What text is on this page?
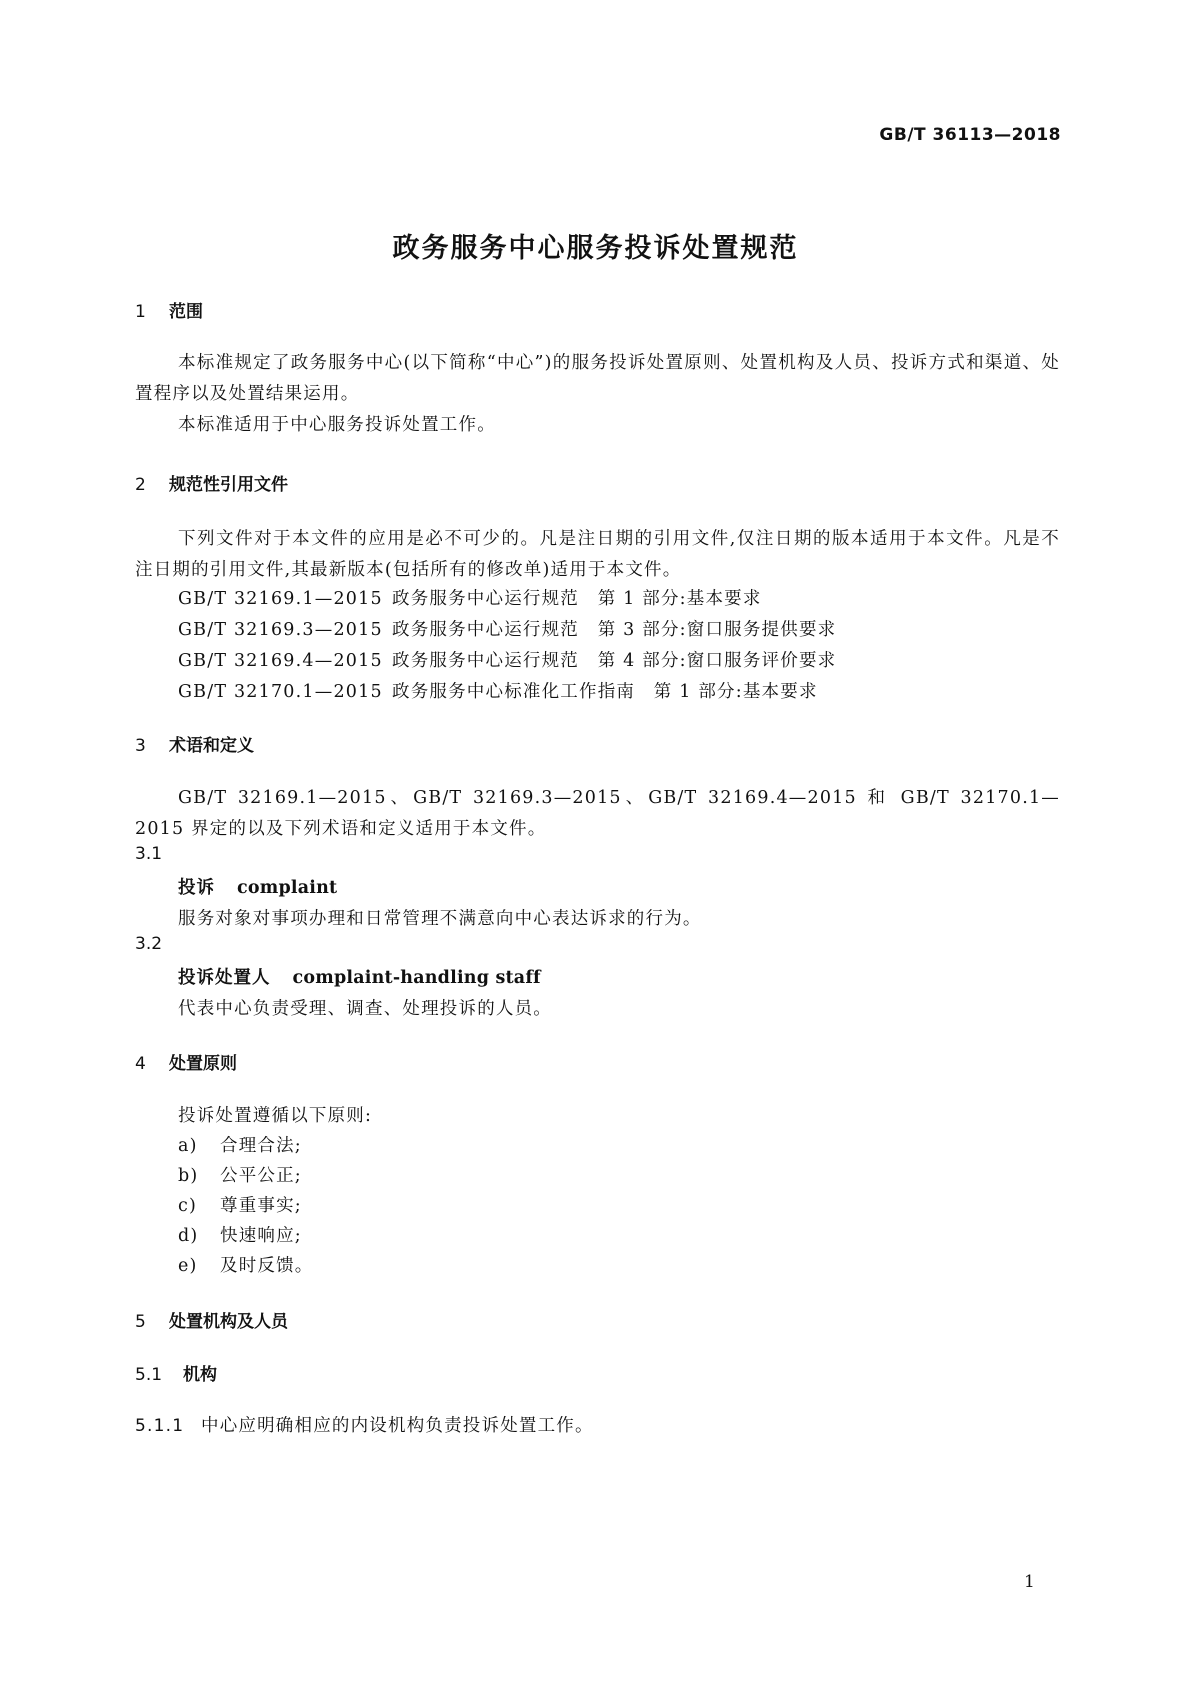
GB/T 36113—2018
政务服务中心服务投诉处置规范
1 范围
本标准规定了政务服务中心(以下简称“中心”)的服务投诉处置原则、处置机构及人员、投诉方式和渠道、处置程序以及处置结果运用。
本标准适用于中心服务投诉处置工作。
2 规范性引用文件
下列文件对于本文件的应用是必不可少的。凡是注日期的引用文件,仅注日期的版本适用于本文件。凡是不注日期的引用文件,其最新版本(包括所有的修改单)适用于本文件。
GB/T 32169.1—2015 政务服务中心运行规范　第 1 部分:基本要求
GB/T 32169.3—2015 政务服务中心运行规范　第 3 部分:窗口服务提供要求
GB/T 32169.4—2015 政务服务中心运行规范　第 4 部分:窗口服务评价要求
GB/T 32170.1—2015 政务服务中心标准化工作指南　第 1 部分:基本要求
3 术语和定义
GB/T 32169.1—2015、GB/T 32169.3—2015、GB/T 32169.4—2015 和 GB/T 32170.1—2015 界定的以及下列术语和定义适用于本文件。
3.1
投诉 complaint
服务对象对事项办理和日常管理不满意向中心表达诉求的行为。
3.2
投诉处置人 complaint-handling staff
代表中心负责受理、调查、处理投诉的人员。
4 处置原则
投诉处置遵循以下原则:
a) 合理合法;
b) 公平公正;
c) 尊重事实;
d) 快速响应;
e) 及时反馈。
5 处置机构及人员
5.1 机构
5.1.1 中心应明确相应的内设机构负责投诉处置工作。
1
